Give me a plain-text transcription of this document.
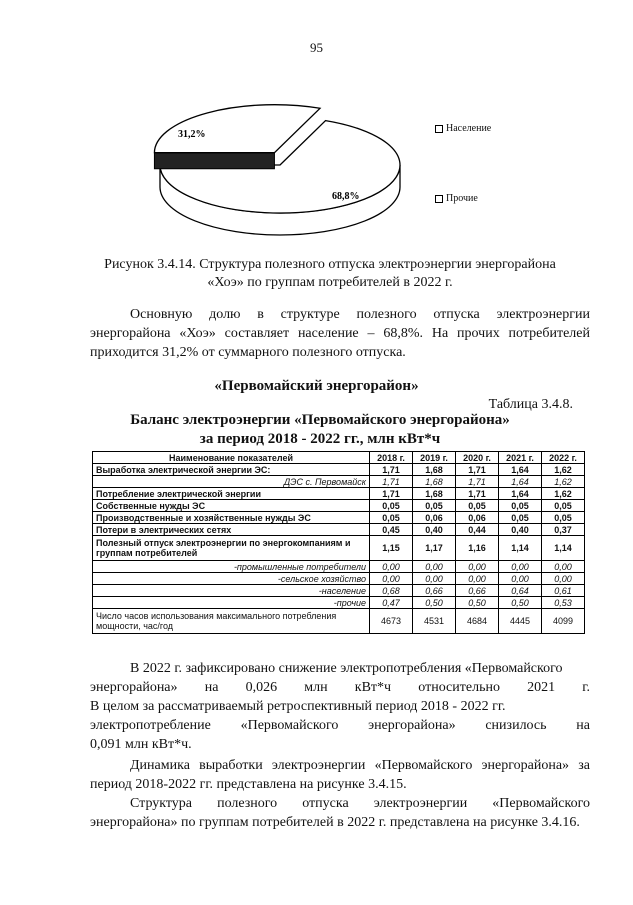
95
31,2%
68,8%
Население
Прочие
Рисунок 3.4.14. Структура полезного отпуска электроэнергии энергорайона
«Хоэ» по группам потребителей в 2022 г.
Основную долю в структуре полезного отпуска электроэнергии энергорайона «Хоэ» составляет население – 68,8%. На прочих потребителей приходится 31,2% от суммарного полезного отпуска.
«Первомайский энергорайон»
Таблица 3.4.8.
Баланс электроэнергии «Первомайского энергорайона»
за период 2018 - 2022 гг., млн кВт*ч
Наименование показателей	2018 г.	2019 г.	2020 г.	2021 г.	2022 г.
Выработка электрической энергии ЭС:	1,71	1,68	1,71	1,64	1,62
ДЭС с. Первомайск	1,71	1,68	1,71	1,64	1,62
Потребление электрической энергии	1,71	1,68	1,71	1,64	1,62
Собственные нужды ЭС	0,05	0,05	0,05	0,05	0,05
Производственные и хозяйственные нужды ЭС	0,05	0,06	0,06	0,05	0,05
Потери в электрических сетях	0,45	0,40	0,44	0,40	0,37
Полезный отпуск электроэнергии по энергокомпаниям и группам потребителей	1,15	1,17	1,16	1,14	1,14
-промышленные потребители	0,00	0,00	0,00	0,00	0,00
-сельское хозяйство	0,00	0,00	0,00	0,00	0,00
-население	0,68	0,66	0,66	0,64	0,61
-прочие	0,47	0,50	0,50	0,50	0,53
Число часов использования максимального потребления мощности, час/год	4673	4531	4684	4445	4099
В 2022 г. зафиксировано снижение электропотребления «Первомайского
энергорайона» на 0,026 млн кВт*ч относительно 2021 г.
В целом за рассматриваемый ретроспективный период 2018 - 2022 гг.
электропотребление «Первомайского энергорайона» снизилось на
0,091 млн кВт*ч.
Динамика выработки электроэнергии «Первомайского энергорайона» за период 2018-2022 гг. представлена на рисунке 3.4.15.
Структура полезного отпуска электроэнергии «Первомайского энергорайона» по группам потребителей в 2022 г. представлена на рисунке 3.4.16.
